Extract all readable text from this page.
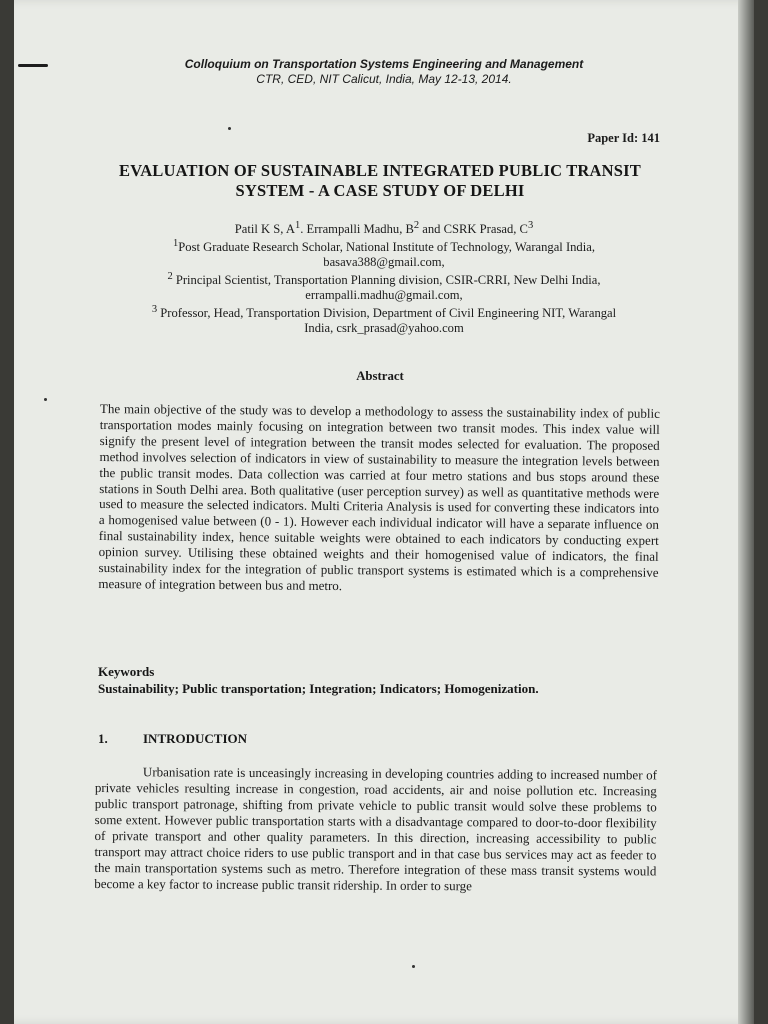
Colloquium on Transportation Systems Engineering and Management
CTR, CED, NIT Calicut, India, May 12-13, 2014.
Paper Id: 141
EVALUATION OF SUSTAINABLE INTEGRATED PUBLIC TRANSIT SYSTEM - A CASE STUDY OF DELHI

Patil K S, $A^1$. Errampalli Madhu, $B^2$ and CSRK Prasad, $C^3$

$^1$Post Graduate Research Scholar, National Institute of Technology, Warangal India,

basava388@gmail.com,

$^2$ Principal Scientist, Transportation Planning division, CSIR-CRRI, New Delhi India,

errampalli.madhu@gmail.com,

$^3$ Professor, Head, Transportation Division, Department of Civil Engineering NIT, Warangal

India, csrk_prasad@yahoo.com

Abstract
The main objective of the study was to develop a methodology to assess the sustainability index of public transportation modes mainly focusing on integration between two transit modes. This index value will signify the present level of integration between the transit modes selected for evaluation. The proposed method involves selection of indicators in view of sustainability to measure the integration levels between the public transit modes. Data collection was carried at four metro stations and bus stops around these stations in South Delhi area. Both qualitative (user perception survey) as well as quantitative methods were used to measure the selected indicators. Multi Criteria Analysis is used for converting these indicators into a homogenised value between (0 - 1). However each individual indicator will have a separate influence on final sustainability index, hence suitable weights were obtained to each indicators by conducting expert opinion survey. Utilising these obtained weights and their homogenised value of indicators, the final sustainability index for the integration of public transport systems is estimated which is a comprehensive measure of integration between bus and metro.
Keywords
Sustainability; Public transportation; Integration; Indicators; Homogenization.
1.	INTRODUCTION
Urbanisation rate is unceasingly increasing in developing countries adding to increased number of private vehicles resulting increase in congestion, road accidents, air and noise pollution etc. Increasing public transport patronage, shifting from private vehicle to public transit would solve these problems to some extent. However public transportation starts with a disadvantage compared to door-to-door flexibility of private transport and other quality parameters. In this direction, increasing accessibility to public transport may attract choice riders to use public transport and in that case bus services may act as feeder to the main transportation systems such as metro. Therefore integration of these mass transit systems would become a key factor to increase public transit ridership. In order to surge
